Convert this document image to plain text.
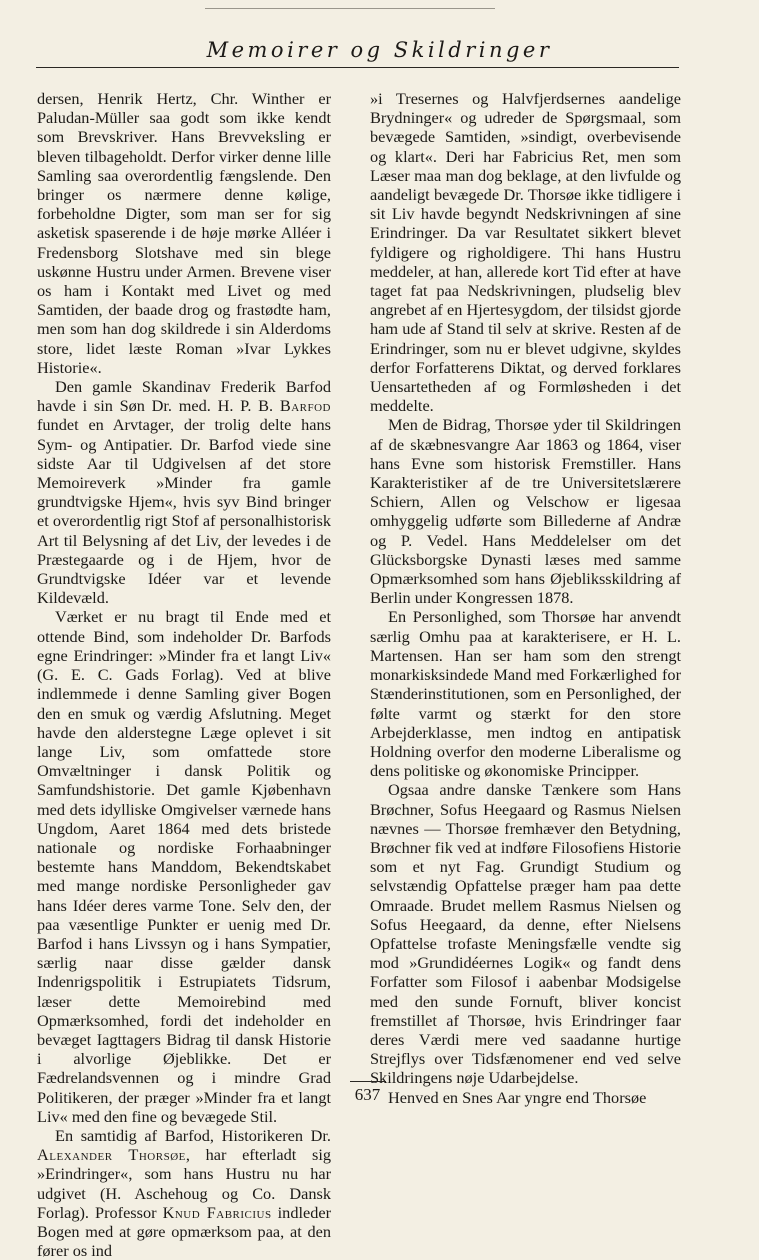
Memoirer og Skildringer

dersen, Henrik Hertz, Chr. Winther er Paludan-Müller saa godt som ikke kendt som Brevskriver. Hans Brevveksling er bleven tilbageholdt. Derfor virker denne lille Samling saa overordentlig fængslende. Den bringer os nærmere denne kølige, forbeholdne Digter, som man ser for sig asketisk spaserende i de høje mørke Alléer i Fredensborg Slotshave med sin blege uskønne Hustru under Armen. Brevene viser os ham i Kontakt med Livet og med Samtiden, der baade drog og frastødte ham, men som han dog skildrede i sin Alderdoms store, lidet læste Roman »Ivar Lykkes Historie«.

Den gamle Skandinav Frederik Barfod havde i sin Søn Dr. med. H. P. B. Barfod fundet en Arvtager, der trolig delte hans Sym- og Antipatier. Dr. Barfod viede sine sidste Aar til Udgivelsen af det store Memoireverk »Minder fra gamle grundtvigske Hjem«, hvis syv Bind bringer et overordentlig rigt Stof af personalhistorisk Art til Belysning af det Liv, der levedes i de Præstegaarde og i de Hjem, hvor de Grundtvigske Idéer var et levende Kildevæld.

Værket er nu bragt til Ende med et ottende Bind, som indeholder Dr. Barfods egne Erindringer: »Minder fra et langt Liv« (G. E. C. Gads Forlag). Ved at blive indlemmede i denne Samling giver Bogen den en smuk og værdig Afslutning. Meget havde den alderstegne Læge oplevet i sit lange Liv, som omfattede store Omvæltninger i dansk Politik og Samfundshistorie. Det gamle Kjøbenhavn med dets idylliske Omgivelser værnede hans Ungdom, Aaret 1864 med dets bristede nationale og nordiske Forhaabninger bestemte hans Manddom, Bekendtskabet med mange nordiske Personligheder gav hans Idéer deres varme Tone. Selv den, der paa væsentlige Punkter er uenig med Dr. Barfod i hans Livssyn og i hans Sympatier, særlig naar disse gælder dansk Indenrigspolitik i Estrupiatets Tidsrum, læser dette Memoirebind med Opmærksomhed, fordi det indeholder en bevæget Iagttagers Bidrag til dansk Historie i alvorlige Øjeblikke. Det er Fædrelandsvennen og i mindre Grad Politikeren, der præger »Minder fra et langt Liv« med den fine og bevægede Stil.

En samtidig af Barfod, Historikeren Dr. Alexander Thorsøe, har efterladt sig »Erindringer«, som hans Hustru nu har udgivet (H. Aschehoug og Co. Dansk Forlag). Professor Knud Fabricius indleder Bogen med at gøre opmærksom paa, at den fører os ind

»i Tresernes og Halvfjerdsernes aandelige Brydninger« og udreder de Spørgsmaal, som bevægede Samtiden, »sindigt, overbevisende og klart«. Deri har Fabricius Ret, men som Læser maa man dog beklage, at den livfulde og aandeligt bevægede Dr. Thorsøe ikke tidligere i sit Liv havde begyndt Nedskrivningen af sine Erindringer. Da var Resultatet sikkert blevet fyldigere og righoldigere. Thi hans Hustru meddeler, at han, allerede kort Tid efter at have taget fat paa Nedskrivningen, pludselig blev angrebet af en Hjertesygdom, der tilsidst gjorde ham ude af Stand til selv at skrive. Resten af de Erindringer, som nu er blevet udgivne, skyldes derfor Forfatterens Diktat, og derved forklares Uensartetheden af og Formløsheden i det meddelte.

Men de Bidrag, Thorsøe yder til Skildringen af de skæbnesvangre Aar 1863 og 1864, viser hans Evne som historisk Fremstiller. Hans Karakteristiker af de tre Universitetslærere Schiern, Allen og Velschow er ligesaa omhyggelig udførte som Billederne af Andræ og P. Vedel. Hans Meddelelser om det Glücksborgske Dynasti læses med samme Opmærksomhed som hans Øjebliksskildring af Berlin under Kongressen 1878.

En Personlighed, som Thorsøe har anvendt særlig Omhu paa at karakterisere, er H. L. Martensen. Han ser ham som den strengt monarkisksindede Mand med Forkærlighed for Stænderinstitutionen, som en Personlighed, der følte varmt og stærkt for den store Arbejderklasse, men indtog en antipatisk Holdning overfor den moderne Liberalisme og dens politiske og økonomiske Principper.

Ogsaa andre danske Tænkere som Hans Brøchner, Sofus Heegaard og Rasmus Nielsen nævnes — Thorsøe fremhæver den Betydning, Brøchner fik ved at indføre Filosofiens Historie som et nyt Fag. Grundigt Studium og selvstændig Opfattelse præger ham paa dette Omraade. Brudet mellem Rasmus Nielsen og Sofus Heegaard, da denne, efter Nielsens Opfattelse trofaste Meningsfælle vendte sig mod »Grundidéernes Logik« og fandt dens Forfatter som Filosof i aabenbar Modsigelse med den sunde Fornuft, bliver koncist fremstillet af Thorsøe, hvis Erindringer faar deres Værdi mere ved saadanne hurtige Strejflys over Tidsfænomener end ved selve Skildringens nøje Udarbejdelse.

Henved en Snes Aar yngre end Thorsøe

637
